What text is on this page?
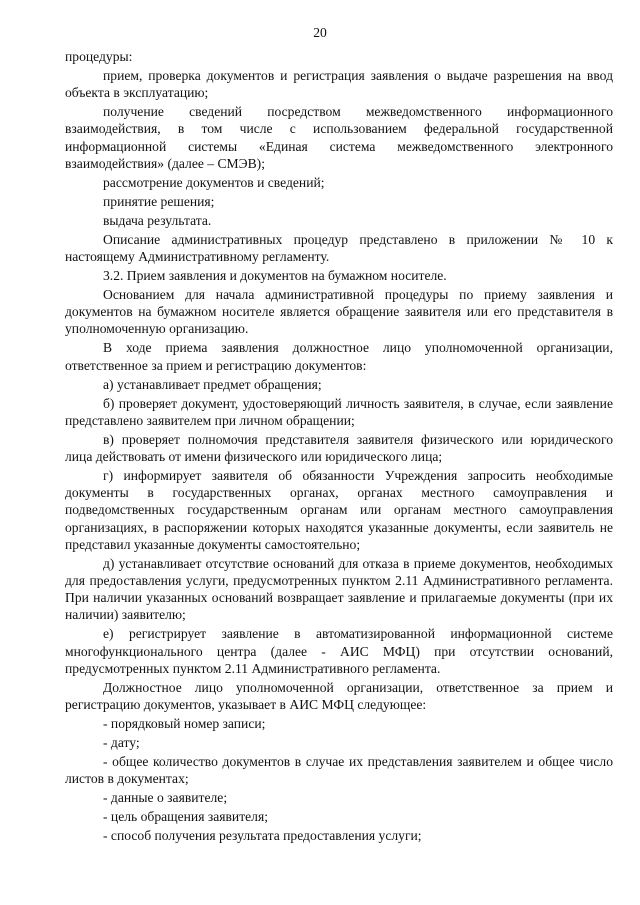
20

процедуры:

прием, проверка документов и регистрация заявления о выдаче разрешения на ввод объекта в эксплуатацию;

получение сведений посредством межведомственного информационного взаимодействия, в том числе с использованием федеральной государственной информационной системы «Единая система межведомственного электронного взаимодействия» (далее – СМЭВ);

рассмотрение документов и сведений;

принятие решения;

выдача результата.

Описание административных процедур представлено в приложении № 10 к настоящему Административному регламенту.

3.2. Прием заявления и документов на бумажном носителе.

Основанием для начала административной процедуры по приему заявления и документов на бумажном носителе является обращение заявителя или его представителя в уполномоченную организацию.

В ходе приема заявления должностное лицо уполномоченной организации, ответственное за прием и регистрацию документов:

а) устанавливает предмет обращения;

б) проверяет документ, удостоверяющий личность заявителя, в случае, если заявление представлено заявителем при личном обращении;

в) проверяет полномочия представителя заявителя физического или юридического лица действовать от имени физического или юридического лица;

г) информирует заявителя об обязанности Учреждения запросить необходимые документы в государственных органах, органах местного самоуправления и подведомственных государственным органам или органам местного самоуправления организациях, в распоряжении которых находятся указанные документы, если заявитель не представил указанные документы самостоятельно;

д) устанавливает отсутствие оснований для отказа в приеме документов, необходимых для предоставления услуги, предусмотренных пунктом 2.11 Административного регламента. При наличии указанных оснований возвращает заявление и прилагаемые документы (при их наличии) заявителю;

е) регистрирует заявление в автоматизированной информационной системе многофункционального центра (далее - АИС МФЦ) при отсутствии оснований, предусмотренных пунктом 2.11 Административного регламента.

Должностное лицо уполномоченной организации, ответственное за прием и регистрацию документов, указывает в АИС МФЦ следующее:

- порядковый номер записи;

- дату;

- общее количество документов в случае их представления заявителем и общее число листов в документах;

- данные о заявителе;

- цель обращения заявителя;

- способ получения результата предоставления услуги;
